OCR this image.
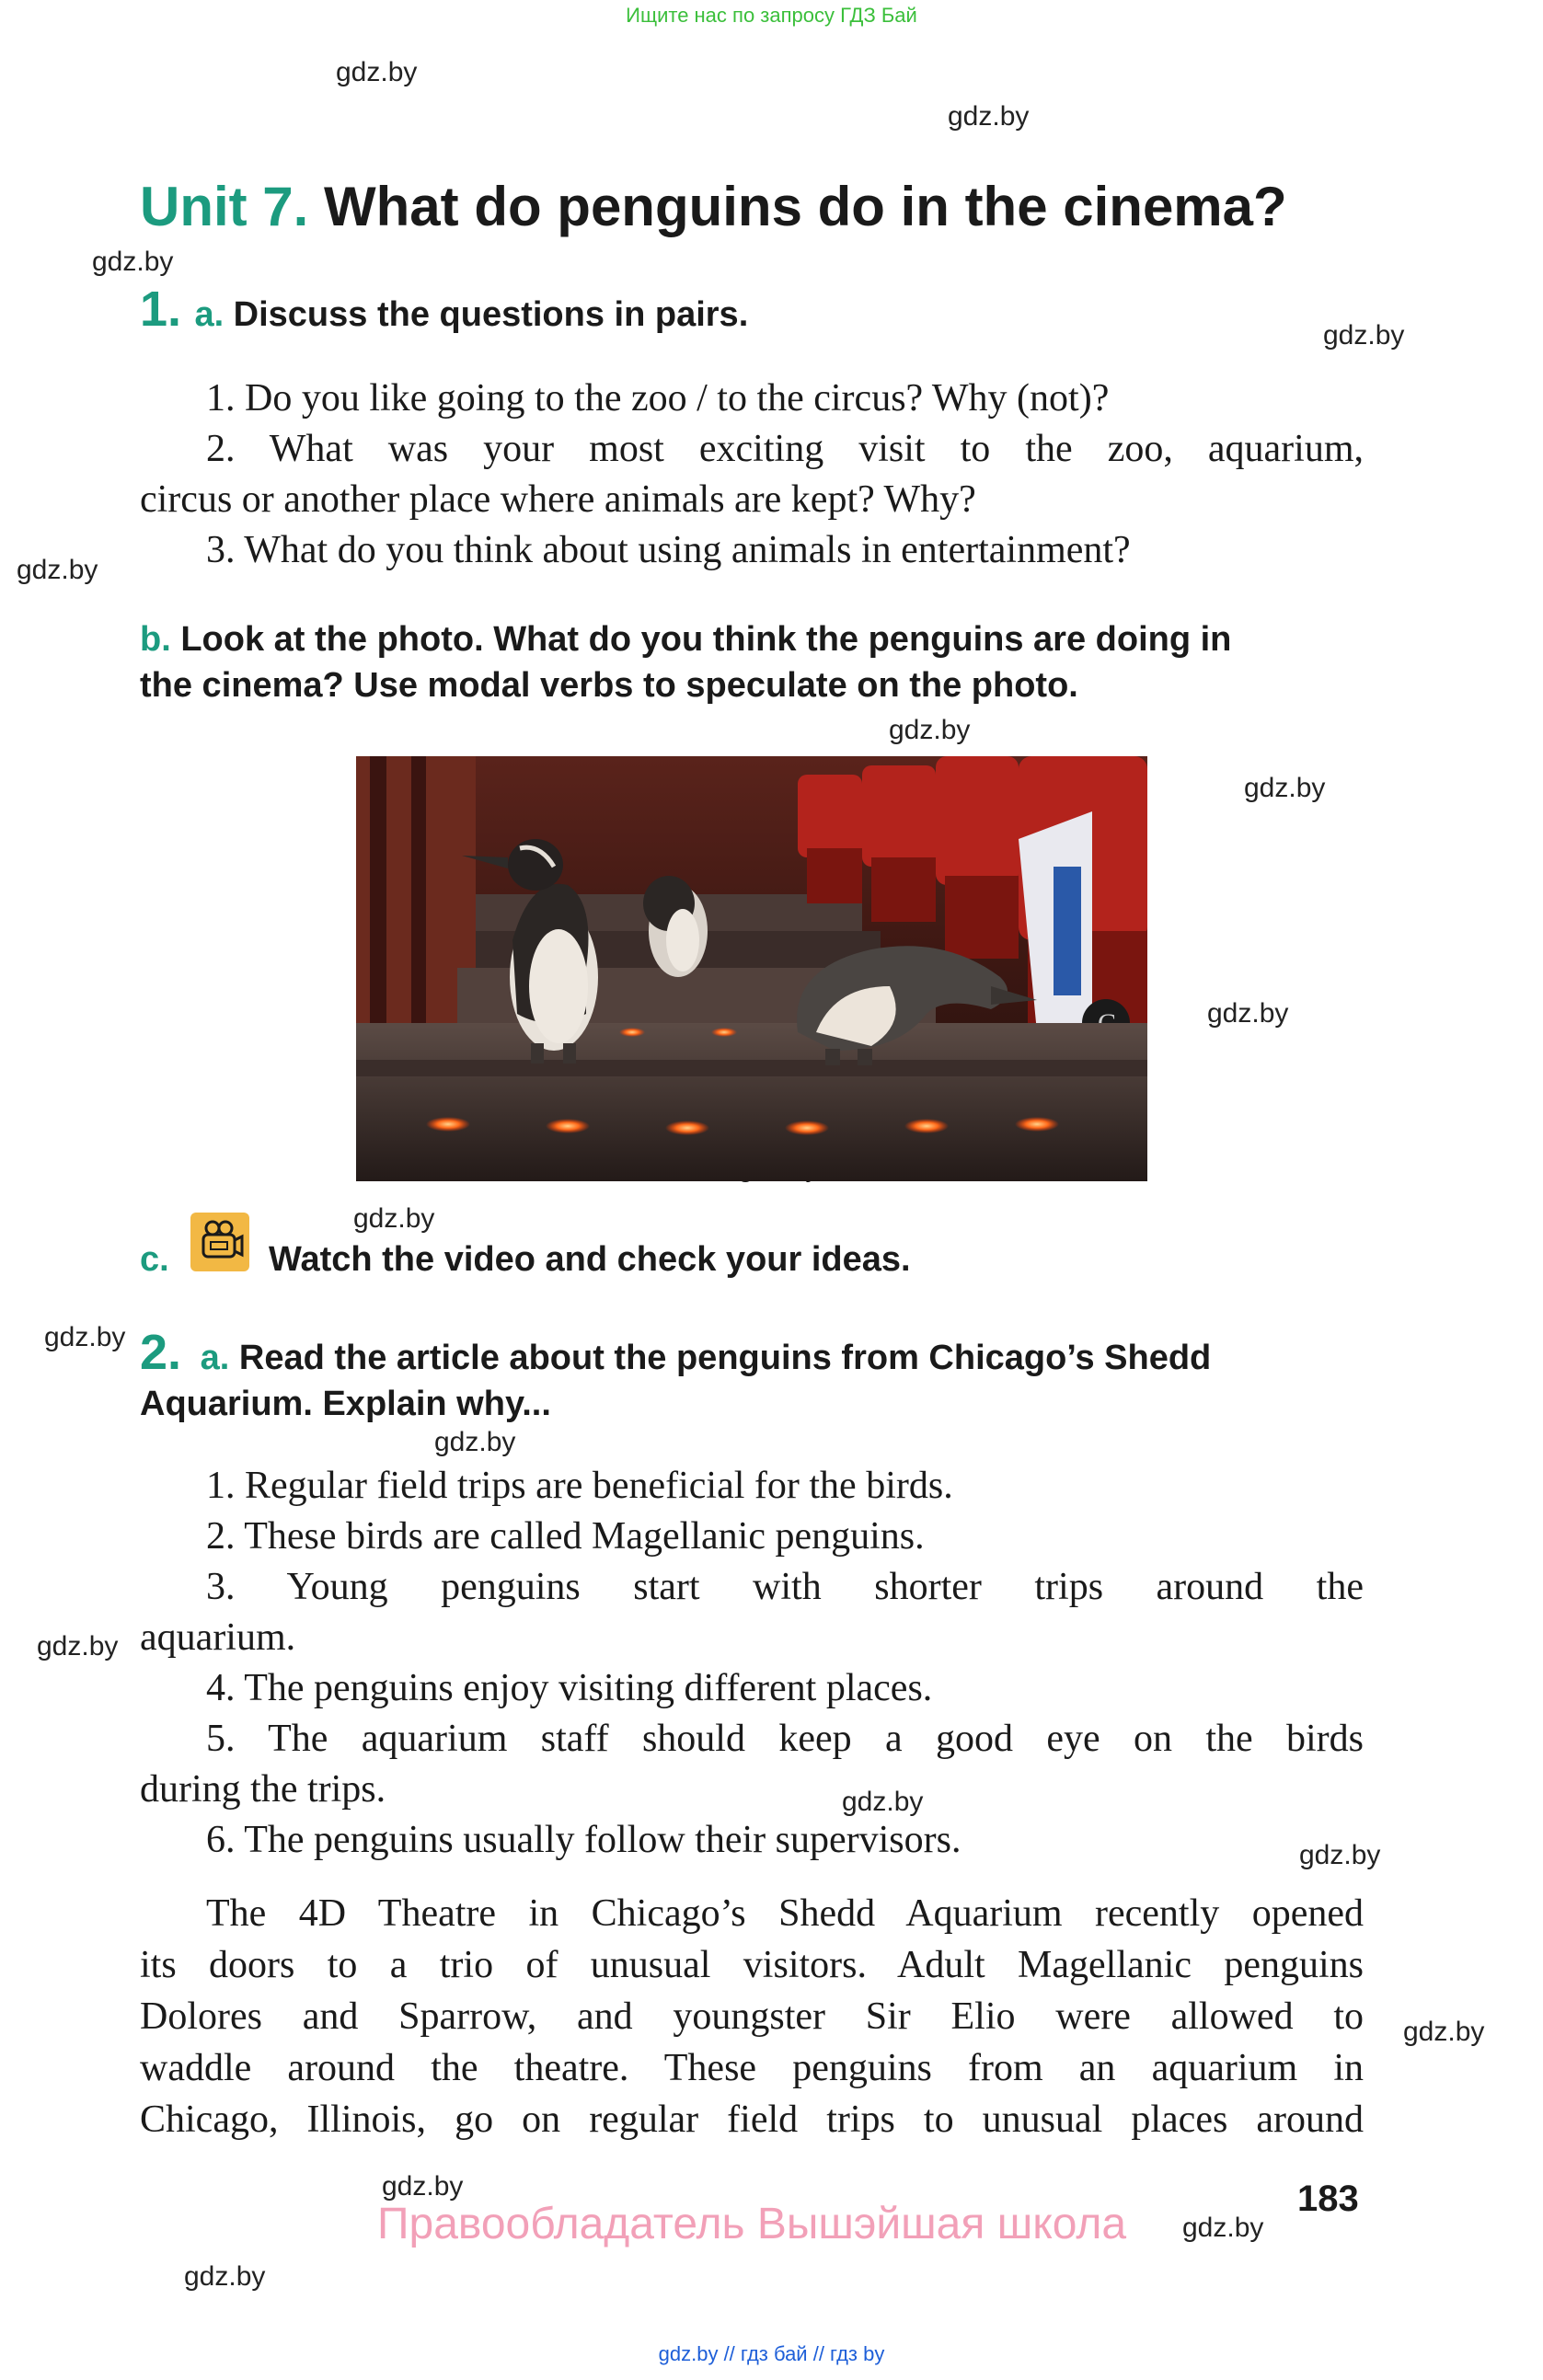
Ищите нас по запросу ГДЗ Бай
gdz.by
gdz.by
gdz.by
gdz.by
gdz.by
gdz.by
gdz.by
gdz.by
gdz.by
gdz.by
gdz.by
gdz.by
gdz.by
gdz.by
gdz.by
gdz.by
gdz.by
gdz.by
Unit 7. What do penguins do in the cinema?
1. a. Discuss the questions in pairs.
1. Do you like going to the zoo / to the circus? Why (not)?
2. What was your most exciting visit to the zoo, aquarium,
circus or another place where animals are kept? Why?
3. What do you think about using animals in entertainment?
b. Look at the photo. What do you think the penguins are doing in
the cinema? Use modal verbs to speculate on the photo.
c.	Watch the video and check your ideas.
2. a. Read the article about the penguins from Chicago’s Shedd
Aquarium. Explain why...
1. Regular field trips are beneficial for the birds.
2. These birds are called Magellanic penguins.
3. Young penguins start with shorter trips around the
aquarium.
4. The penguins enjoy visiting different places.
5. The aquarium staff should keep a good eye on the birds
during the trips.
6. The penguins usually follow their supervisors.
The 4D Theatre in Chicago’s Shedd Aquarium recently opened
its doors to a trio of unusual visitors. Adult Magellanic penguins
Dolores and Sparrow, and youngster Sir Elio were allowed to
waddle around the theatre. These penguins from an aquarium in
Chicago, Illinois, go on regular field trips to unusual places around
183
Правообладатель Вышэйшая школа
gdz.by // гдз бай // гдз by
